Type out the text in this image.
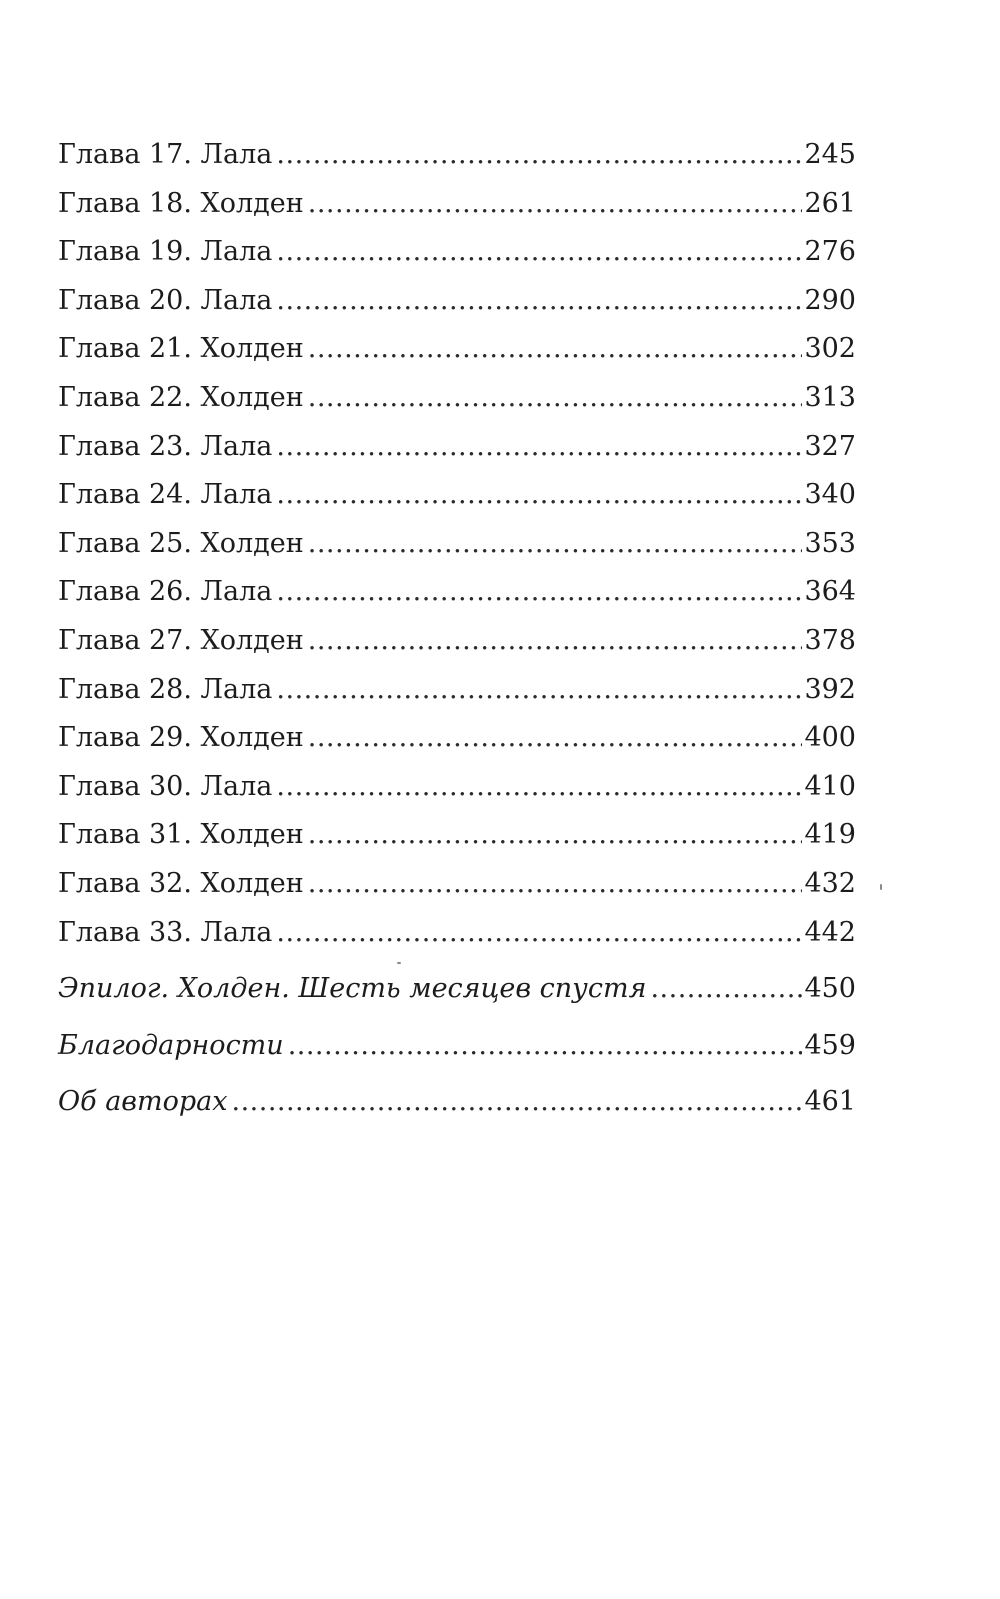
Глава 17. Лала .....	245
Глава 18. Холден .....	261
Глава 19. Лала .....	276
Глава 20. Лала .....	290
Глава 21. Холден .....	302
Глава 22. Холден .....	313
Глава 23. Лала .....	327
Глава 24. Лала .....	340
Глава 25. Холден .....	353
Глава 26. Лала .....	364
Глава 27. Холден .....	378
Глава 28. Лала .....	392
Глава 29. Холден .....	400
Глава 30. Лала .....	410
Глава 31. Холден .....	419
Глава 32. Холден .....	432
Глава 33. Лала .....	442
Эпилог. Холден. Шесть месяцев спустя .....	450
Благодарности .....	459
Об авторах .....	461
